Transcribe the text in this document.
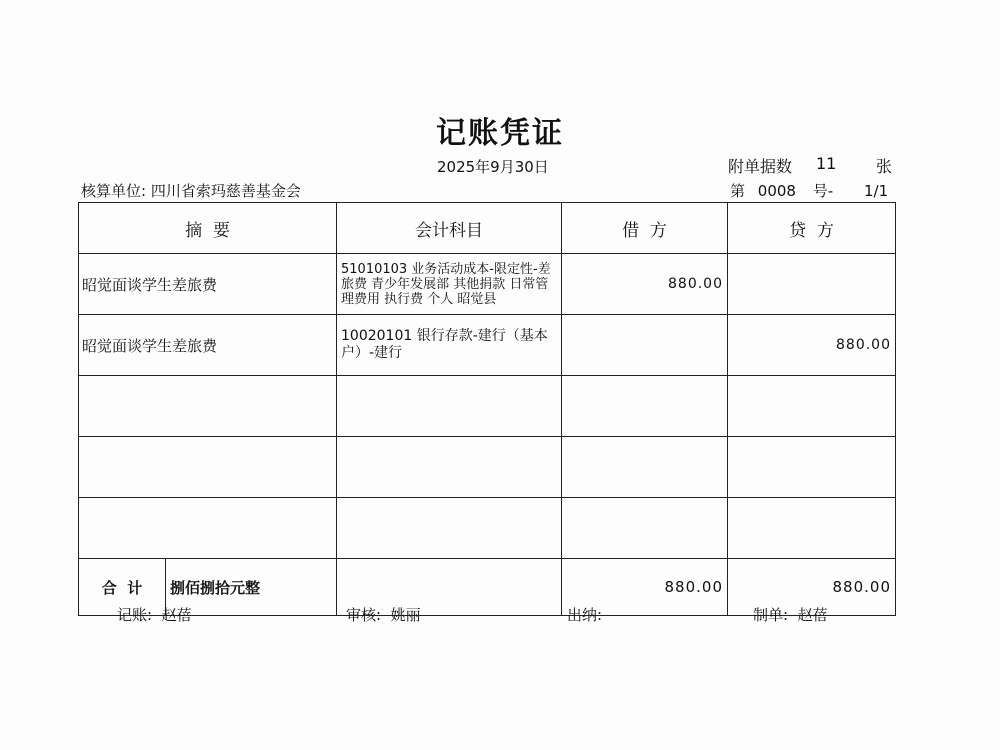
记账凭证
2025年9月30日	附单据数 11 张
核算单位: 四川省索玛慈善基金会	第 0008 号- 1/1
摘  要	会计科目	借  方	贷  方
昭觉面谈学生差旅费	51010103 业务活动成本-限定性-差旅费 青少年发展部 其他捐款 日常管理费用 执行费 个人 昭觉县	880.00	
昭觉面谈学生差旅费	10020101 银行存款-建行（基本户）-建行		880.00

合  计 捌佰捌拾元整		880.00	880.00
记账:  赵蓓	审核:  姚丽	出纳:	制单:  赵蓓
